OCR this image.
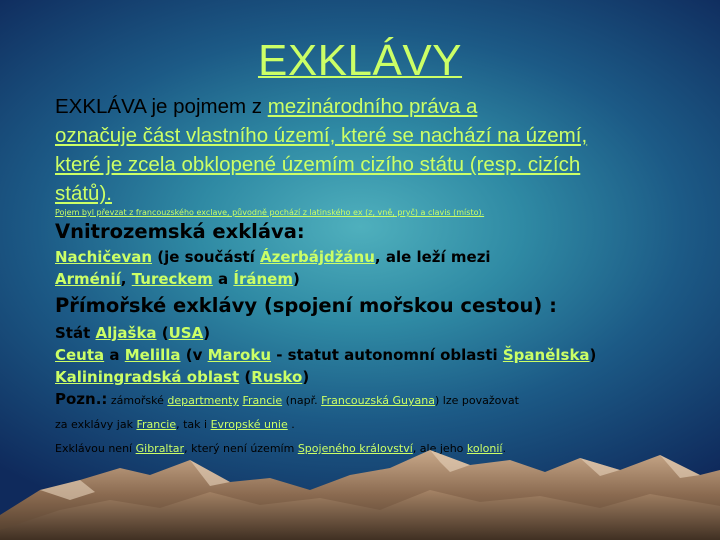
EXKLÁVY

EXKLÁVA je pojmem z mezinárodního práva a
označuje část vlastního území, které se nachází na území, které je zcela obklopené územím cizího státu (resp. cizích států).

Pojem byl převzat z francouzského exclave, původně pochází z latinského ex (z, vně, pryč) a clavis (místo).

Vnitrozemská exkláva:

Nachičevan (je součástí Ázerbájdžánu, ale leží mezi
Arménií, Tureckem a Íránem)

Přímořské exklávy (spojení mořskou cestou) :

Stát Aljaška (USA)
Ceuta a Melilla (v Maroku - statut autonomní oblasti Španělska)
Kaliningradská oblast (Rusko)
Pozn.: zámořské departmenty Francie (např. Francouzská Guyana) lze považovat
za exklávy jak Francie, tak i Evropské unie .
Exklávou není Gibraltar, který není územím Spojeného království, ale jeho kolonií.
